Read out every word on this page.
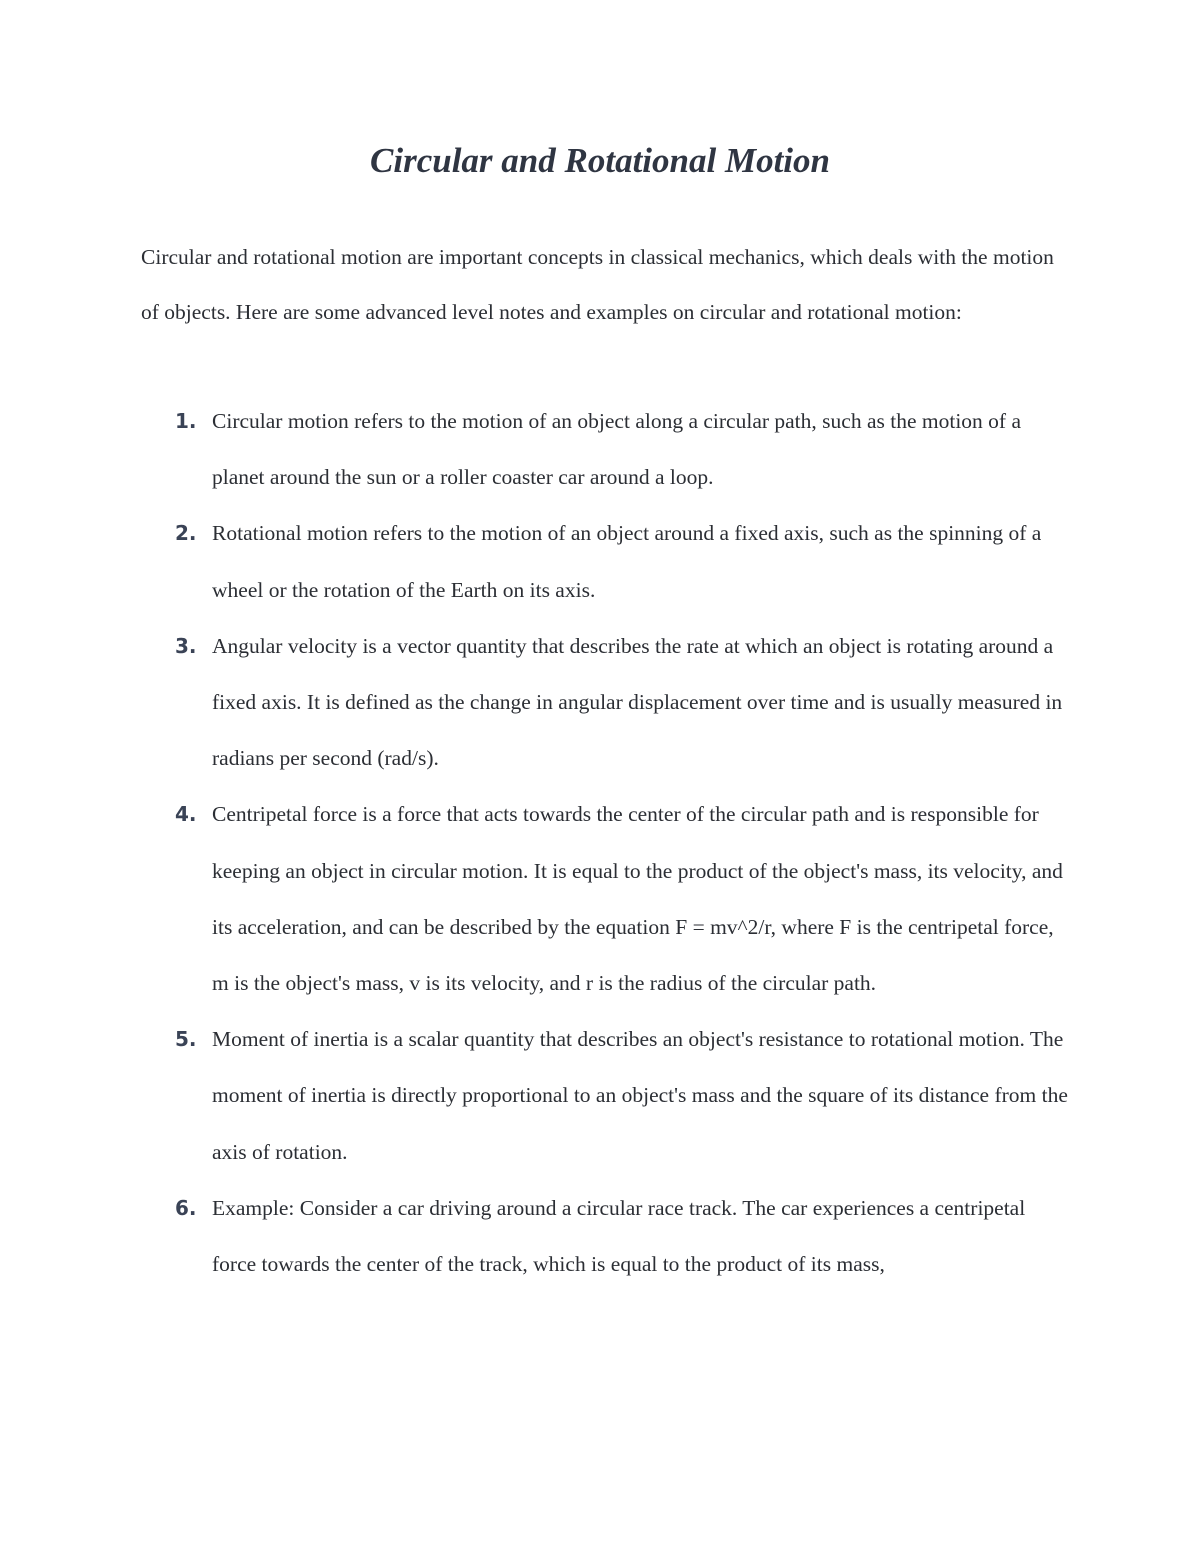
Circular and Rotational Motion

Circular and rotational motion are important concepts in classical mechanics, which deals with the motion of objects. Here are some advanced level notes and examples on circular and rotational motion:

1. Circular motion refers to the motion of an object along a circular path, such as the motion of a planet around the sun or a roller coaster car around a loop.
2. Rotational motion refers to the motion of an object around a fixed axis, such as the spinning of a wheel or the rotation of the Earth on its axis.
3. Angular velocity is a vector quantity that describes the rate at which an object is rotating around a fixed axis. It is defined as the change in angular displacement over time and is usually measured in radians per second (rad/s).
4. Centripetal force is a force that acts towards the center of the circular path and is responsible for keeping an object in circular motion. It is equal to the product of the object's mass, its velocity, and its acceleration, and can be described by the equation F = mv^2/r, where F is the centripetal force, m is the object's mass, v is its velocity, and r is the radius of the circular path.
5. Moment of inertia is a scalar quantity that describes an object's resistance to rotational motion. The moment of inertia is directly proportional to an object's mass and the square of its distance from the axis of rotation.
6. Example: Consider a car driving around a circular race track. The car experiences a centripetal force towards the center of the track, which is equal to the product of its mass,
